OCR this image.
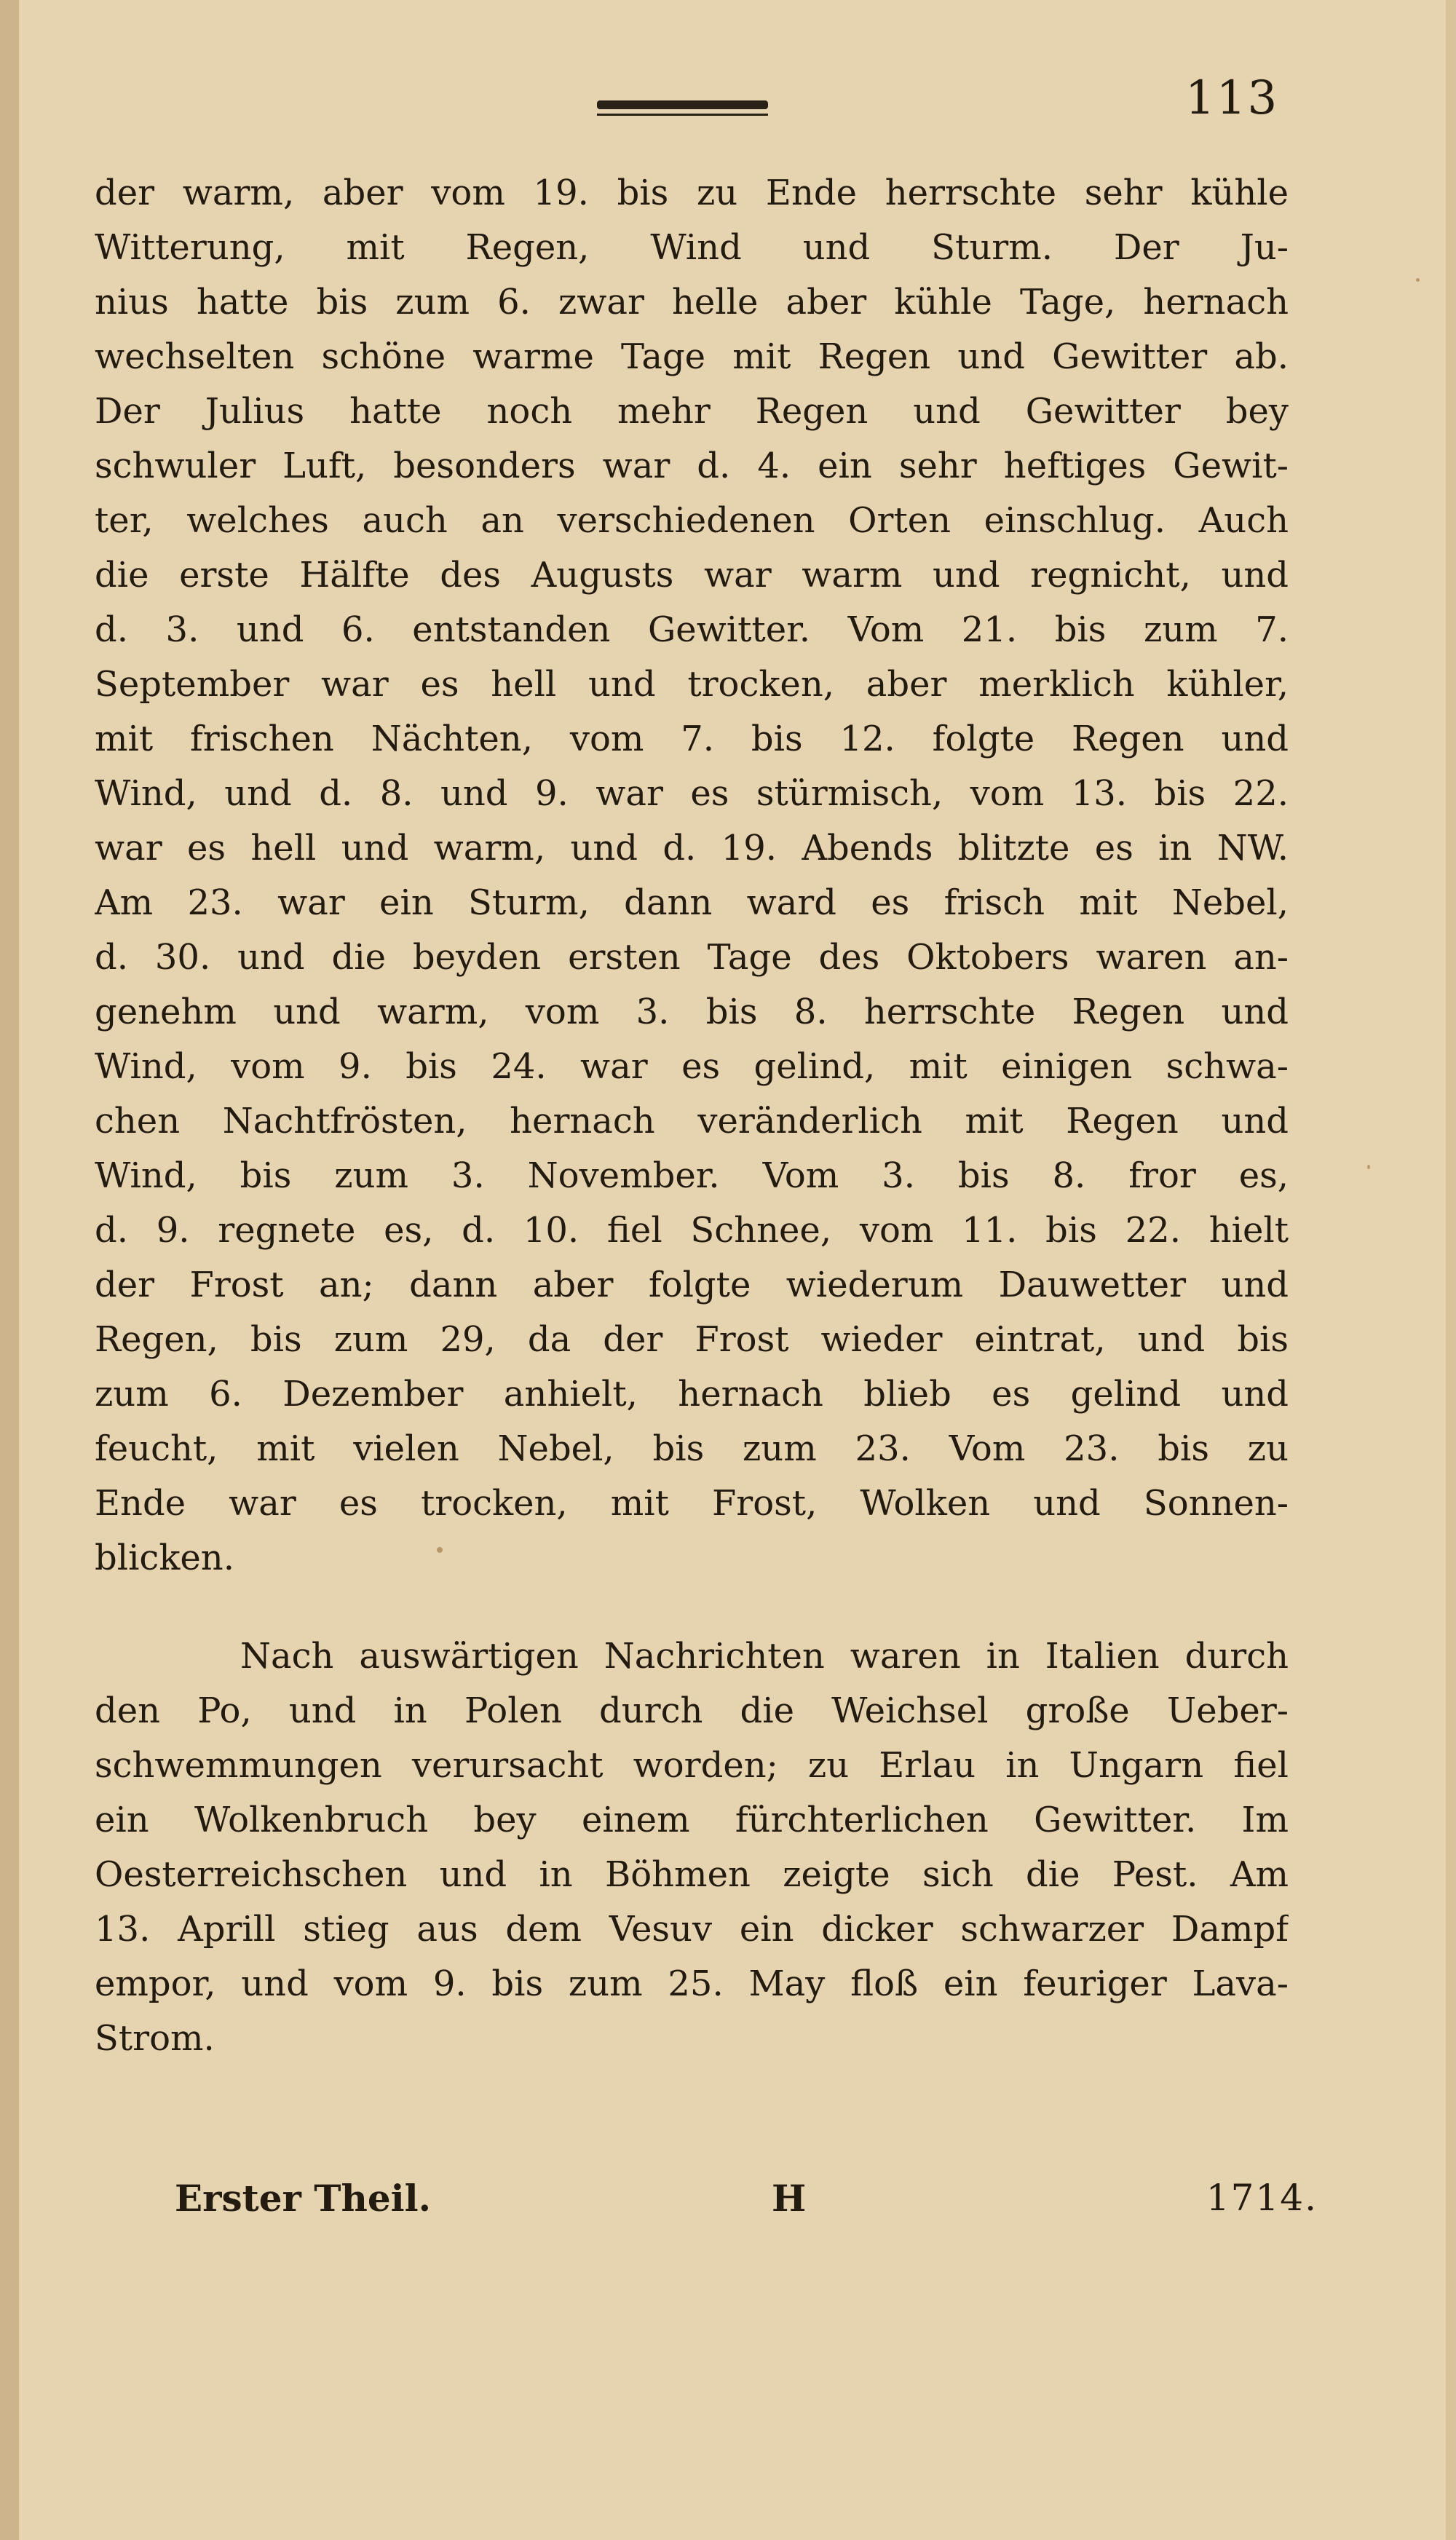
113
der warm, aber vom 19. bis zu Ende herrschte sehr kühle
Witterung, mit Regen, Wind und Sturm. Der Ju-
nius hatte bis zum 6. zwar helle aber kühle Tage, hernach
wechselten schöne warme Tage mit Regen und Gewitter ab.
Der Julius hatte noch mehr Regen und Gewitter bey
schwuler Luft, besonders war d. 4. ein sehr heftiges Gewit-
ter, welches auch an verschiedenen Orten einschlug. Auch
die erste Hälfte des Augusts war warm und regnicht, und
d. 3. und 6. entstanden Gewitter. Vom 21. bis zum 7.
September war es hell und trocken, aber merklich kühler,
mit frischen Nächten, vom 7. bis 12. folgte Regen und
Wind, und d. 8. und 9. war es stürmisch, vom 13. bis 22.
war es hell und warm, und d. 19. Abends blitzte es in NW.
Am 23. war ein Sturm, dann ward es frisch mit Nebel,
d. 30. und die beyden ersten Tage des Oktobers waren an-
genehm und warm, vom 3. bis 8. herrschte Regen und
Wind, vom 9. bis 24. war es gelind, mit einigen schwa-
chen Nachtfrösten, hernach veränderlich mit Regen und
Wind, bis zum 3. November. Vom 3. bis 8. fror es,
d. 9. regnete es, d. 10. fiel Schnee, vom 11. bis 22. hielt
der Frost an; dann aber folgte wiederum Dauwetter und
Regen, bis zum 29, da der Frost wieder eintrat, und bis
zum 6. Dezember anhielt, hernach blieb es gelind und
feucht, mit vielen Nebel, bis zum 23. Vom 23. bis zu
Ende war es trocken, mit Frost, Wolken und Sonnen-
blicken.
Nach auswärtigen Nachrichten waren in Italien durch
den Po, und in Polen durch die Weichsel große Ueber-
schwemmungen verursacht worden; zu Erlau in Ungarn fiel
ein Wolkenbruch bey einem fürchterlichen Gewitter. Im
Oesterreichschen und in Böhmen zeigte sich die Pest. Am
13. Aprill stieg aus dem Vesuv ein dicker schwarzer Dampf
empor, und vom 9. bis zum 25. May floß ein feuriger Lava-
Strom.
Erster Theil.	H	1714.
